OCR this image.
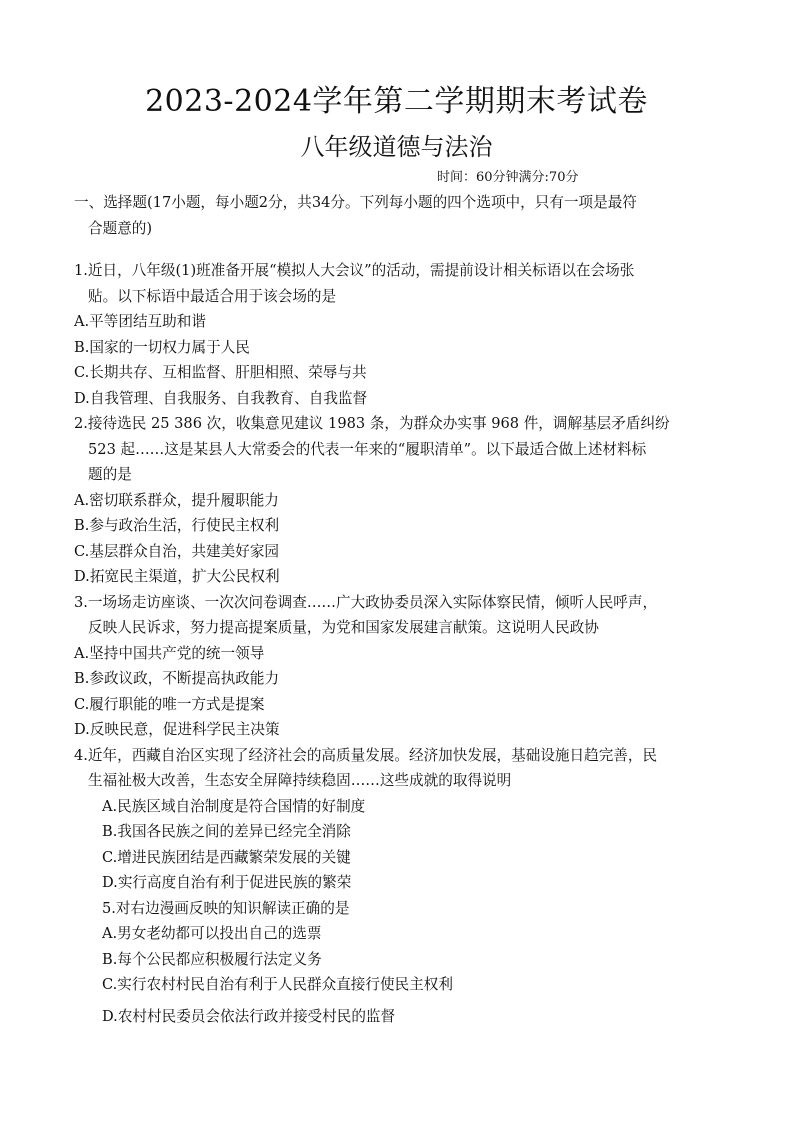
2023-2024学年第二学期期末考试卷
八年级道德与法治
时间：60分钟满分:70分
一、选择题(17小题，每小题2分，共34分。下列每小题的四个选项中，只有一项是最符
合题意的)
1.近日，八年级(1)班准备开展“模拟人大会议”的活动，需提前设计相关标语以在会场张
贴。以下标语中最适合用于该会场的是
A.平等团结互助和谐
B.国家的一切权力属于人民
C.长期共存、互相监督、肝胆相照、荣辱与共
D.自我管理、自我服务、自我教育、自我监督
2.接待选民 25 386 次，收集意见建议 1983 条，为群众办实事 968 件，调解基层矛盾纠纷
523 起……这是某县人大常委会的代表一年来的“履职清单”。以下最适合做上述材料标
题的是
A.密切联系群众，提升履职能力
B.参与政治生活，行使民主权利
C.基层群众自治，共建美好家园
D.拓宽民主渠道，扩大公民权利
3.一场场走访座谈、一次次问卷调查……广大政协委员深入实际体察民情，倾听人民呼声，
反映人民诉求，努力提高提案质量，为党和国家发展建言献策。这说明人民政协
A.坚持中国共产党的统一领导
B.参政议政，不断提高执政能力
C.履行职能的唯一方式是提案
D.反映民意，促进科学民主决策
4.近年，西藏自治区实现了经济社会的高质量发展。经济加快发展，基础设施日趋完善，民
生福祉极大改善，生态安全屏障持续稳固……这些成就的取得说明
A.民族区域自治制度是符合国情的好制度
B.我国各民族之间的差异已经完全消除
C.增进民族团结是西藏繁荣发展的关键
D.实行高度自治有利于促进民族的繁荣
5.对右边漫画反映的知识解读正确的是
A.男女老幼都可以投出自己的选票
B.每个公民都应积极履行法定义务
C.实行农村村民自治有利于人民群众直接行使民主权利
D.农村村民委员会依法行政并接受村民的监督
